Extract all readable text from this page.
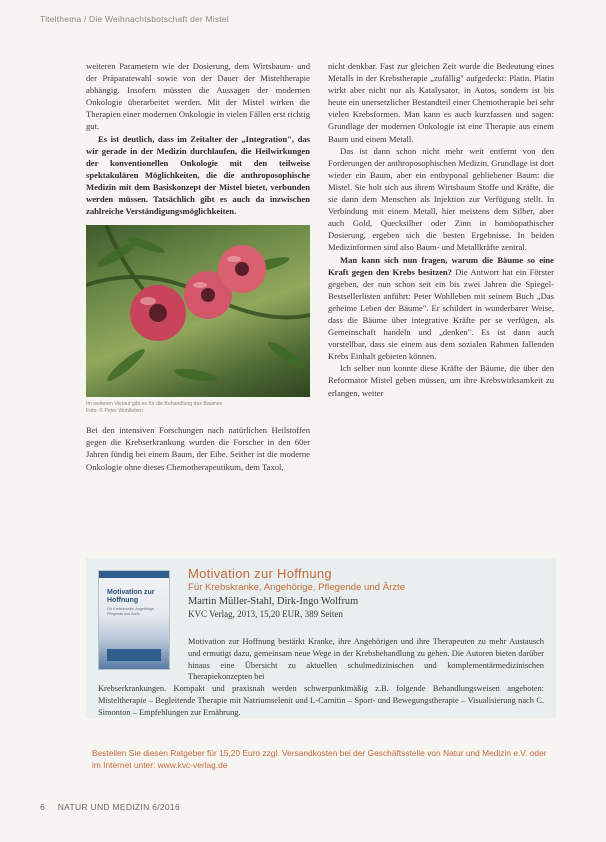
Titelthema / Die Weihnachtsbotschaft der Mistel

weiteren Parametern wie der Dosierung, dem Wirtsbaum- und der Präparatewahl sowie von der Dauer der Misteltherapie abhängig. Insofern müssten die Aussagen der modernen Onkologie überarbeitet werden. Mit der Mistel wirken die Therapien einer modernen Onkologie in vielen Fällen erst richtig gut.

Es ist deutlich, dass im Zeitalter der „Integration", das wir gerade in der Medizin durchlaufen, die Heilwirkungen der konventionellen Onkologie mit den teilweise spektakulären Möglichkeiten, die die anthroposophische Medizin mit dem Basiskonzept der Mistel bietet, verbunden werden müssen. Tatsächlich gibt es auch da inzwischen zahlreiche Verständigungsmöglichkeiten.

Im weiteren Verlauf gibt es für die Behandlung des Baumes
Foto: © Peter Wohlleben

Bei den intensiven Forschungen nach natürlichen Heilstoffen gegen die Krebserkrankung wurden die Forscher in den 60er Jahren fündig bei einem Baum, der Eibe. Seither ist die moderne Onkologie ohne dieses Chemotherapeutikum, dem Taxol,

nicht denkbar. Fast zur gleichen Zeit wurde die Bedeutung eines Metalls in der Krebstherapie „zufällig" aufgedeckt: Platin. Platin wirkt aber nicht nur als Katalysator, in Autos, sondern ist bis heute ein unersetzlicher Bestandteil einer Chemotherapie bei sehr vielen Krebsformen. Man kann es auch kurzfassen und sagen: Grundlage der modernen Onkologie ist eine Therapie aus einem Baum und einem Metall.

Das ist dann schon nicht mehr weit entfernt von den Forderungen der anthroposophischen Medizin. Grundlage ist dort wieder ein Baum, aber ein entbyponal gebliebener Baum: die Mistel. Sie holt sich aus ihrem Wirtsbaum Stoffe und Kräfte, die sie dann dem Menschen als Injektion zur Verfügung stellt. In Verbindung mit einem Metall, hier meistens dem Silber, aber auch Gold, Quecksilber oder Zinn in homöopathischer Dosierung, ergeben sich die besten Ergebnisse. In beiden Medizinformen sind also Baum- und Metallkräfte zentral.

Man kann sich nun fragen, warum die Bäume so eine Kraft gegen den Krebs besitzen? Die Antwort hat ein Förster gegeben, der nun schon seit ein bis zwei Jahren die Spiegel-Bestsellerlisten anführt: Peter Wohlleben mit seinem Buch „Das geheime Leben der Bäume". Er schildert in wunderbarer Weise, dass die Bäume über integrative Kräfte per se verfügen, als Gemeinschaft handeln und „denken". Es ist dann auch vorstellbar, dass sie einem aus dem sozialen Rahmen fallenden Krebs Einhalt gebieten können.

Ich selber nun konnte diese Kräfte der Bäume, die über den Reformator Mistel geben müssen, um ihre Krebswirksamkeit zu erlangen, weiter

Motivation zur Hoffnung
Für Krebskranke, Angehörige, Pflegende und Ärzte
Motivation zur Hoffnung
Für Krebskranke, Angehörige, Pflegende und Ärzte
Martin Müller-Stahl, Dirk-Ingo Wolfrum
KVC Verlag, 2013, 15,20 EUR, 389 Seiten
Motivation zur Hoffnung bestärkt Kranke, ihre Angehörigen und ihre Therapeuten zu mehr Austausch und ermutigt dazu, gemeinsam neue Wege in der Krebsbehandlung zu gehen. Die Autoren bieten darüber hinaus eine Übersicht zu aktuellen schulmedizinischen und komplementärmedizinischen Therapiekonzepten bei
Krebserkrankungen. Kompakt und praxisnah werden schwerpunktmäßig z.B. folgende Behandlungsweisen angeboten: Misteltherapie – Begleitende Therapie mit Natriumselenit und L-Carnitin – Sport- und Bewegungstherapie – Visualisierung nach C. Simonton – Empfehlungen zur Ernährung.
Bestellen Sie diesen Ratgeber für 15,20 Euro zzgl. Versandkosten bei der Geschäftsstelle von Natur und Medizin e.V. oder im Internet unter: www.kvc-verlag.de
6 NATUR UND MEDIZIN 6/2016
